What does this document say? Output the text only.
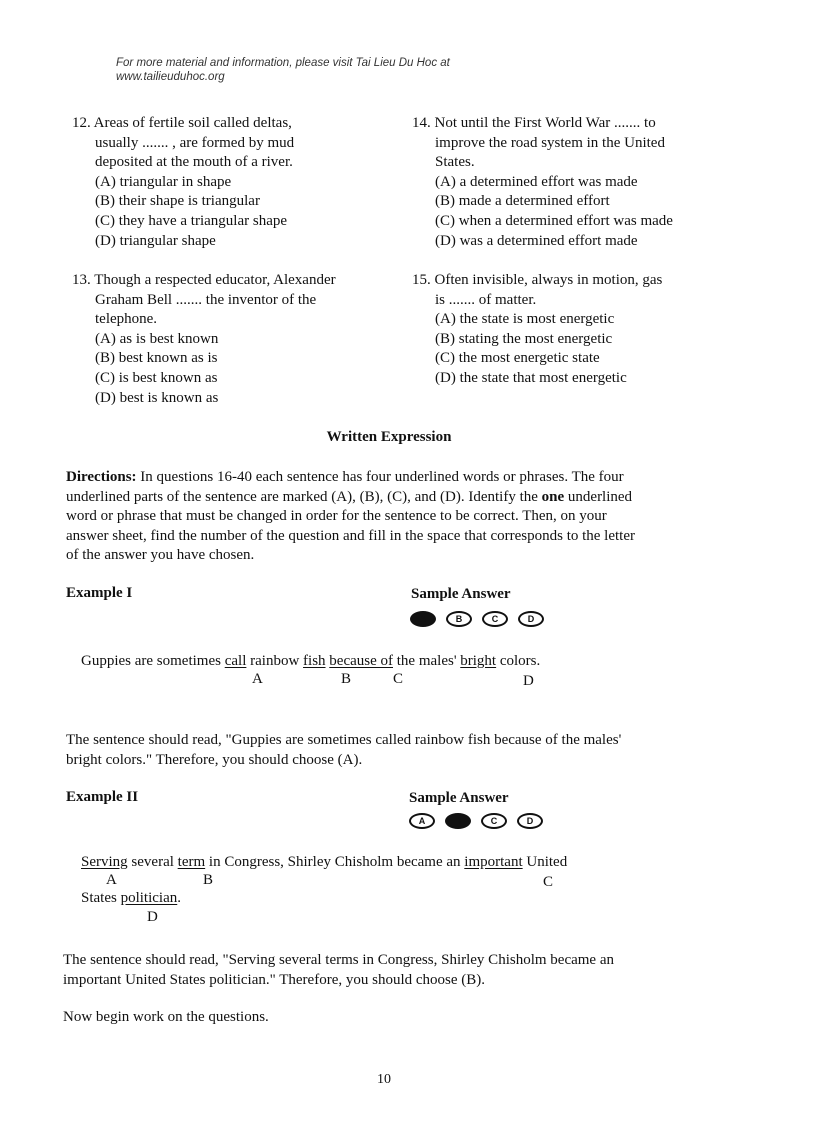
For more material and information, please visit Tai Lieu Du Hoc at
www.tailieuduhoc.org
12. Areas of fertile soil called deltas,
usually ....... , are formed by mud
deposited at the mouth of a river.
(A) triangular in shape
(B) their shape is triangular
(C) they have a triangular shape
(D) triangular shape
13. Though a respected educator, Alexander
Graham Bell ....... the inventor of the
telephone.
(A) as is best known
(B) best known as is
(C) is best known as
(D) best is known as
14. Not until the First World War ....... to
improve the road system in the United
States.
(A) a determined effort was made
(B) made a determined effort
(C) when a determined effort was made
(D) was a determined effort made
15. Often invisible, always in motion, gas
is ....... of matter.
(A) the state is most energetic
(B) stating the most energetic
(C) the most energetic state
(D) the state that most energetic
Written Expression
Directions: In questions 16-40 each sentence has four underlined words or phrases. The four
underlined parts of the sentence are marked (A), (B), (C), and (D). Identify the one underlined
word or phrase that must be changed in order for the sentence to be correct. Then, on your
answer sheet, find the number of the question and fill in the space that corresponds to the letter
of the answer you have chosen.
Example I	Sample Answer
A	B	C	D
Guppies are sometimes call rainbow fish because of the males' bright colors.
A	B	C	D
The sentence should read, "Guppies are sometimes called rainbow fish because of the males'
bright colors." Therefore, you should choose (A).
Example II	Sample Answer
A	B	C	D
Serving several term in Congress, Shirley Chisholm became an important United
A	B	C
States politician.
D
The sentence should read, "Serving several terms in Congress, Shirley Chisholm became an
important United States politician." Therefore, you should choose (B).
Now begin work on the questions.
10
